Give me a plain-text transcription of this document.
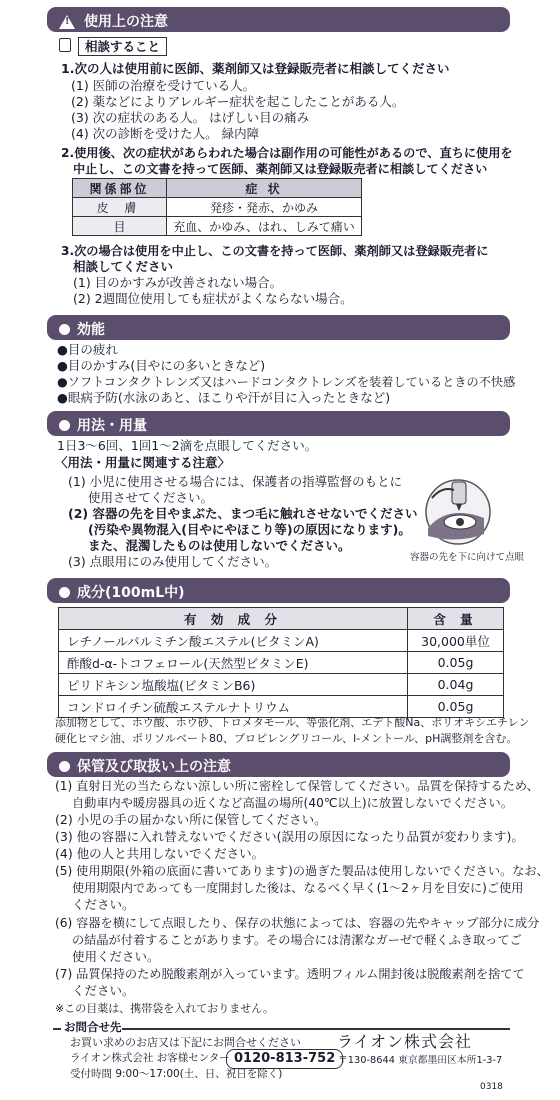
! 使用上の注意
相談すること
1.次の人は使用前に医師、薬剤師又は登録販売者に相談してください
(1) 医師の治療を受けている人。
(2) 薬などによりアレルギー症状を起こしたことがある人。
(3) 次の症状のある人。 はげしい目の痛み
(4) 次の診断を受けた人。 緑内障
2.使用後、次の症状があらわれた場合は副作用の可能性があるので、直ちに使用を
中止し、この文書を持って医師、薬剤師又は登録販売者に相談してください
関係部位	症 状
皮 膚	発疹・発赤、かゆみ
目	充血、かゆみ、はれ、しみて痛い
3.次の場合は使用を中止し、この文書を持って医師、薬剤師又は登録販売者に
相談してください
(1) 目のかすみが改善されない場合。
(2) 2週間位使用しても症状がよくならない場合。
効能
●目の疲れ
●目のかすみ(目やにの多いときなど)
●ソフトコンタクトレンズ又はハードコンタクトレンズを装着しているときの不快感
●眼病予防(水泳のあと、ほこりや汗が目に入ったときなど)
用法・用量
1日3〜6回、1回1〜2滴を点眼してください。
〈用法・用量に関連する注意〉
(1) 小児に使用させる場合には、保護者の指導監督のもとに
使用させてください。
(2) 容器の先を目やまぶた、まつ毛に触れさせないでください
(汚染や異物混入(目やにやほこり等)の原因になります)。
また、混濁したものは使用しないでください。
(3) 点眼用にのみ使用してください。	容器の先を下に向けて点眼
成分(100mL中)
有 効 成 分	含 量
レチノールパルミチン酸エステル(ビタミンA)	30,000単位
酢酸d-α-トコフェロール(天然型ビタミンE)	0.05g
ピリドキシン塩酸塩(ビタミンB6)	0.04g
コンドロイチン硫酸エステルナトリウム	0.05g
添加物として、ホウ酸、ホウ砂、トロメタモール、等張化剤、エデト酸Na、ポリオキシエチレン
硬化ヒマシ油、ポリソルベート80、プロピレングリコール、l-メントール、pH調整剤を含む。
保管及び取扱い上の注意
(1) 直射日光の当たらない涼しい所に密栓して保管してください。品質を保持するため、
自動車内や暖房器具の近くなど高温の場所(40℃以上)に放置しないでください。
(2) 小児の手の届かない所に保管してください。
(3) 他の容器に入れ替えないでください(誤用の原因になったり品質が変わります)。
(4) 他の人と共用しないでください。
(5) 使用期限(外箱の底面に書いてあります)の過ぎた製品は使用しないでください。なお、
使用期限内であっても一度開封した後は、なるべく早く(1〜2ヶ月を目安に)ご使用
ください。
(6) 容器を横にして点眼したり、保存の状態によっては、容器の先やキャップ部分に成分
の結晶が付着することがあります。その場合には清潔なガーゼで軽くふき取ってご
使用ください。
(7) 品質保持のため脱酸素剤が入っています。透明フィルム開封後は脱酸素剤を捨てて
ください。
※この目薬は、携帯袋を入れておりません。
お問合せ先
お買い求めのお店又は下記にお問合せください
ライオン株式会社 お客様センター 0120-813-752
受付時間 9:00〜17:00(土、日、祝日を除く)
ライオン株式会社
〒130-8644 東京都墨田区本所1-3-7
0318
